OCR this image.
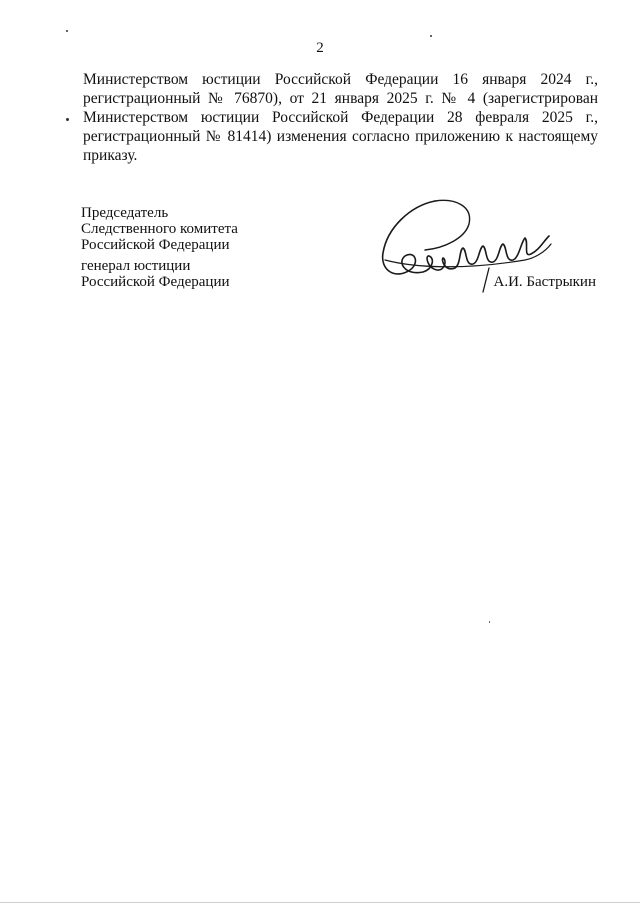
2
Министерством юстиции Российской Федерации 16 января 2024 г.,
регистрационный № 76870), от 21 января 2025 г. № 4 (зарегистрирован
Министерством юстиции Российской Федерации 28 февраля 2025 г.,
регистрационный № 81414) изменения согласно приложению к настоящему
приказу.
Председатель
Следственного комитета
Российской Федерации
генерал юстиции
Российской Федерации	А.И. Бастрыкин
